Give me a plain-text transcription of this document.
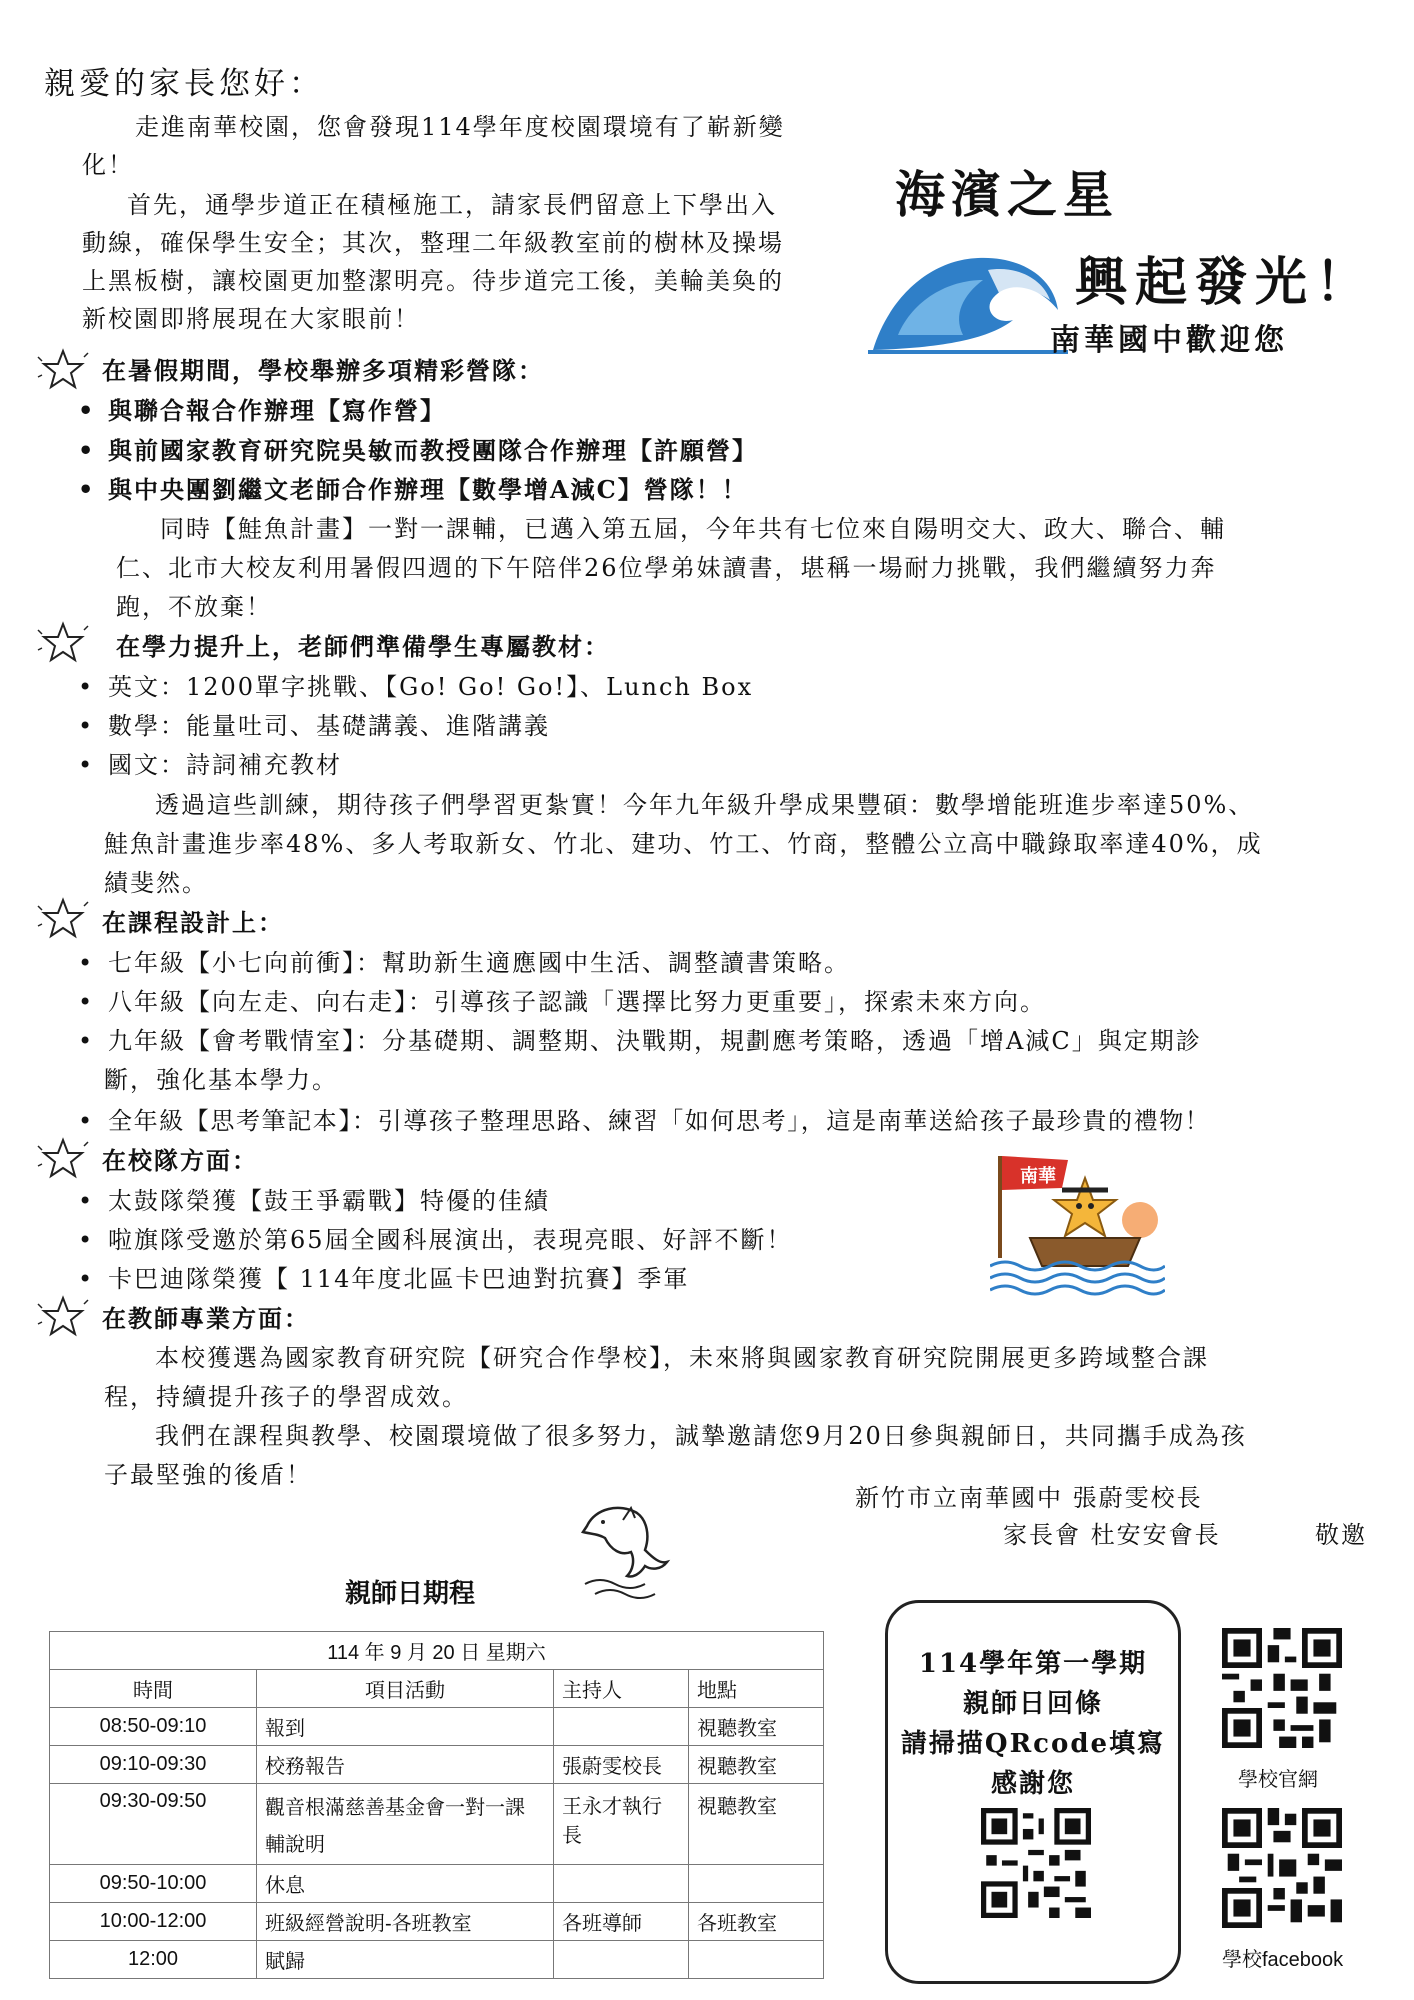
親愛的家長您好：
走進南華校園，您會發現114學年度校園環境有了嶄新變
化！
首先，通學步道正在積極施工，請家長們留意上下學出入
動線，確保學生安全；其次，整理二年級教室前的樹林及操場
上黑板樹，讓校園更加整潔明亮。待步道完工後，美輪美奐的
新校園即將展現在大家眼前！
海濱之星
興起發光！
南華國中歡迎您
在暑假期間，學校舉辦多項精彩營隊：
• 與聯合報合作辦理【寫作營】
• 與前國家教育研究院吳敏而教授團隊合作辦理【許願營】
• 與中央團劉繼文老師合作辦理【數學增A減C】營隊！！
同時【鮭魚計畫】一對一課輔，已邁入第五屆，今年共有七位來自陽明交大、政大、聯合、輔
仁、北市大校友利用暑假四週的下午陪伴26位學弟妹讀書，堪稱一場耐力挑戰，我們繼續努力奔
跑，不放棄！
在學力提升上，老師們準備學生專屬教材：
• 英文：1200單字挑戰、【Go! Go! Go!】、Lunch Box
• 數學：能量吐司、基礎講義、進階講義
• 國文：詩詞補充教材
透過這些訓練，期待孩子們學習更紮實！今年九年級升學成果豐碩：數學增能班進步率達50%、
鮭魚計畫進步率48%、多人考取新女、竹北、建功、竹工、竹商，整體公立高中職錄取率達40%，成
績斐然。
在課程設計上：
• 七年級【小七向前衝】：幫助新生適應國中生活、調整讀書策略。
• 八年級【向左走、向右走】：引導孩子認識「選擇比努力更重要」，探索未來方向。
• 九年級【會考戰情室】：分基礎期、調整期、決戰期，規劃應考策略，透過「增A減C」與定期診
斷，強化基本學力。
• 全年級【思考筆記本】：引導孩子整理思路、練習「如何思考」，這是南華送給孩子最珍貴的禮物！
在校隊方面：
• 太鼓隊榮獲【鼓王爭霸戰】特優的佳績
• 啦旗隊受邀於第65屆全國科展演出，表現亮眼、好評不斷！
• 卡巴迪隊榮獲【 114年度北區卡巴迪對抗賽】季軍
南華
在教師專業方面：
本校獲選為國家教育研究院【研究合作學校】，未來將與國家教育研究院開展更多跨域整合課
程，持續提升孩子的學習成效。
我們在課程與教學、校園環境做了很多努力，誠摯邀請您9月20日參與親師日，共同攜手成為孩
子最堅強的後盾！
新竹市立南華國中 張蔚雯校長
家長會 杜安安會長	敬邀
親師日期程
114 年 9 月 20 日 星期六			
時間	項目活動	主持人	地點
08:50-09:10	報到		視聽教室
09:10-09:30	校務報告	張蔚雯校長	視聽教室
09:30-09:50	觀音根滿慈善基金會一對一課
輔說明	王永才執行長	視聽教室
09:50-10:00	休息		
10:00-12:00	班級經營說明-各班教室	各班導師	各班教室
12:00	賦歸		
114學年第一學期
親師日回條
請掃描QRcode填寫
感謝您	學校官網
學校facebook
